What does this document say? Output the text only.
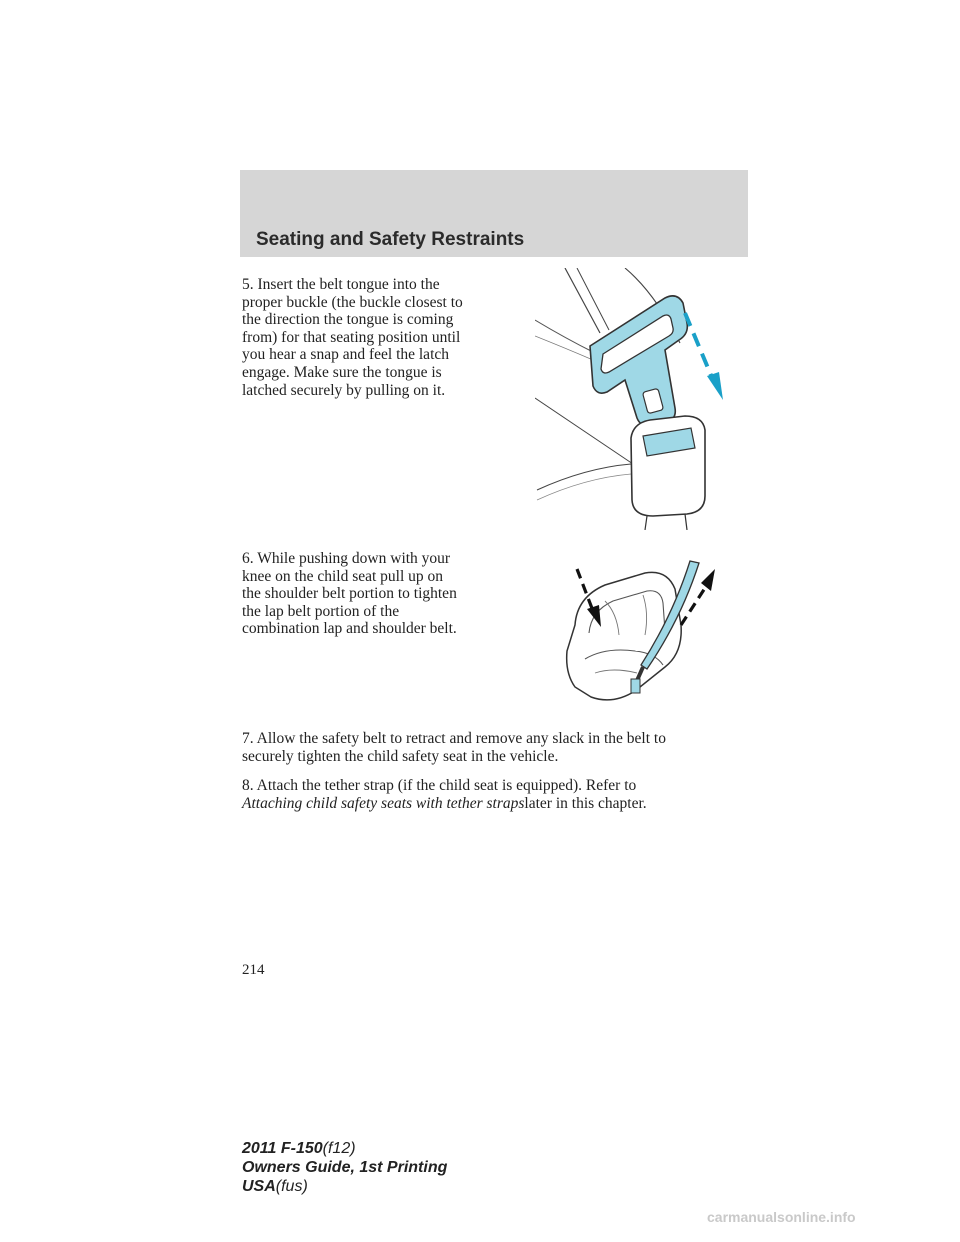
Seating and Safety Restraints
5. Insert the belt tongue into the
proper buckle (the buckle closest to
the direction the tongue is coming
from) for that seating position until
you hear a snap and feel the latch
engage. Make sure the tongue is
latched securely by pulling on it.
6. While pushing down with your
knee on the child seat pull up on
the shoulder belt portion to tighten
the lap belt portion of the
combination lap and shoulder belt.
7. Allow the safety belt to retract and remove any slack in the belt to
securely tighten the child safety seat in the vehicle.
8. Attach the tether strap (if the child seat is equipped). Refer to
Attaching child safety seats with tether strapslater in this chapter.
214
2011 F-150(f12)
Owners Guide, 1st Printing
USA(fus)
carmanualsonline.info
